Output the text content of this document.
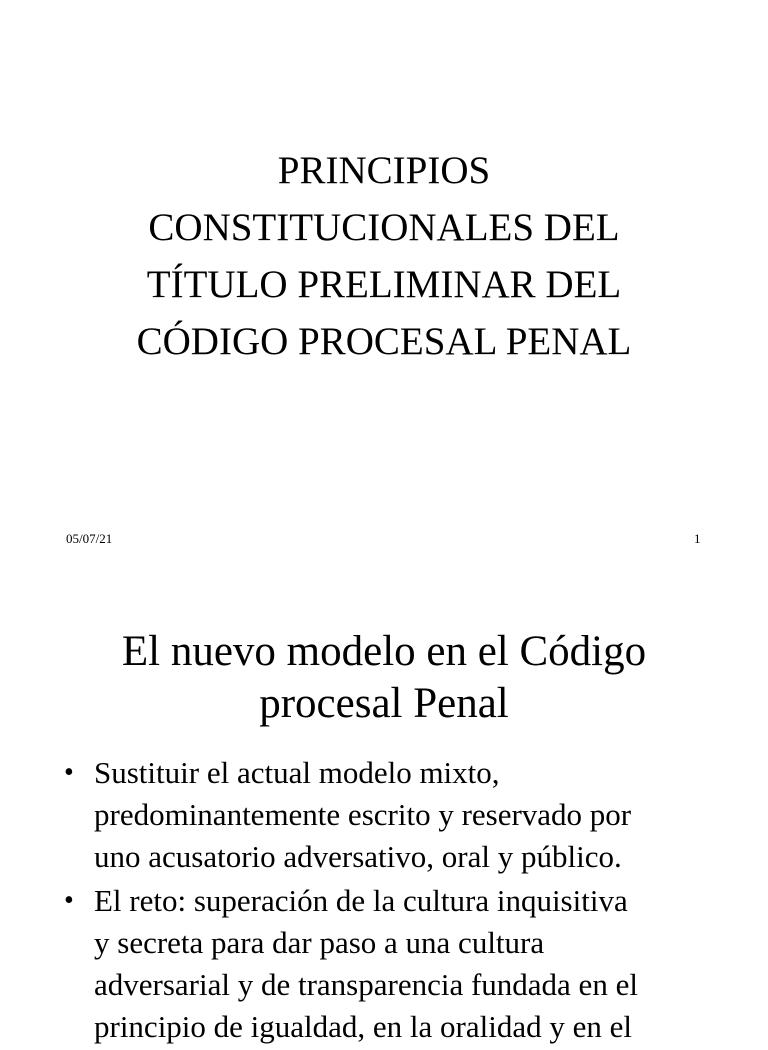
PRINCIPIOS
CONSTITUCIONALES DEL
TÍTULO PRELIMINAR DEL
CÓDIGO PROCESAL PENAL
05/07/21	1
El nuevo modelo en el Código
procesal Penal
• Sustituir el actual modelo mixto,
predominantemente escrito y reservado por
uno acusatorio adversativo, oral y público.
• El reto: superación de la cultura inquisitiva
y secreta para dar paso a una cultura
adversarial y de transparencia fundada en el
principio de igualdad, en la oralidad y en el
